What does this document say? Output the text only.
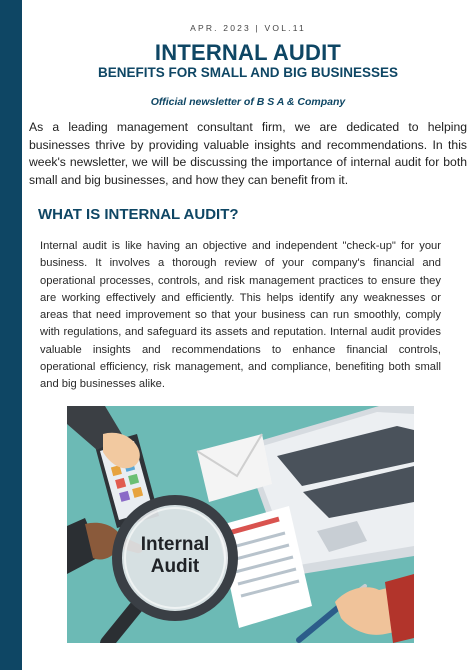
APR. 2023 | VOL.11
INTERNAL AUDIT
BENEFITS FOR SMALL AND BIG BUSINESSES
Official newsletter of B S A & Company

As a leading management consultant firm, we are dedicated to helping businesses thrive by providing valuable insights and recommendations. In this week's newsletter, we will be discussing the importance of internal audit for both small and big businesses, and how they can benefit from it.

WHAT IS INTERNAL AUDIT?

Internal audit is like having an objective and independent "check-up" for your business. It involves a thorough review of your company's financial and operational processes, controls, and risk management practices to ensure they are working effectively and efficiently. This helps identify any weaknesses or areas that need improvement so that your business can run smoothly, comply with regulations, and safeguard its assets and reputation. Internal audit provides valuable insights and recommendations to enhance financial controls, operational efficiency, risk management, and compliance, benefiting both small and big businesses alike.

Internal
Audit
